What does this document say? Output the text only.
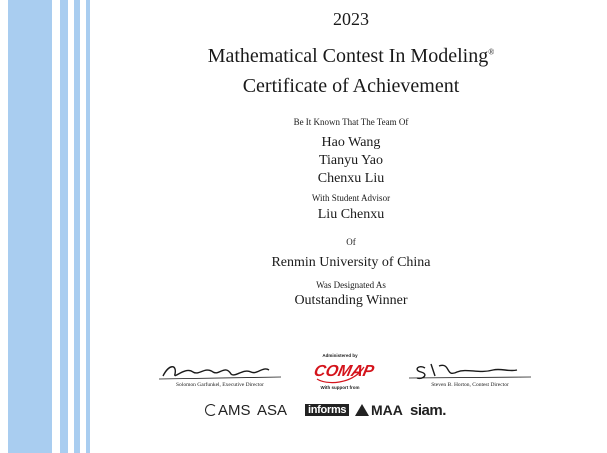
2023
Mathematical Contest In Modeling®
Certificate of Achievement
Be It Known That The Team Of
Hao Wang
Tianyu Yao
Chenxu Liu
With Student Advisor
Liu Chenxu
Of
Renmin University of China
Was Designated As
Outstanding Winner
Solomon Garfunkel, Executive Director
Administered by
COMAP
With support from	Steven B. Horton, Contest Director
AMS ASA informs	MAA siam.
